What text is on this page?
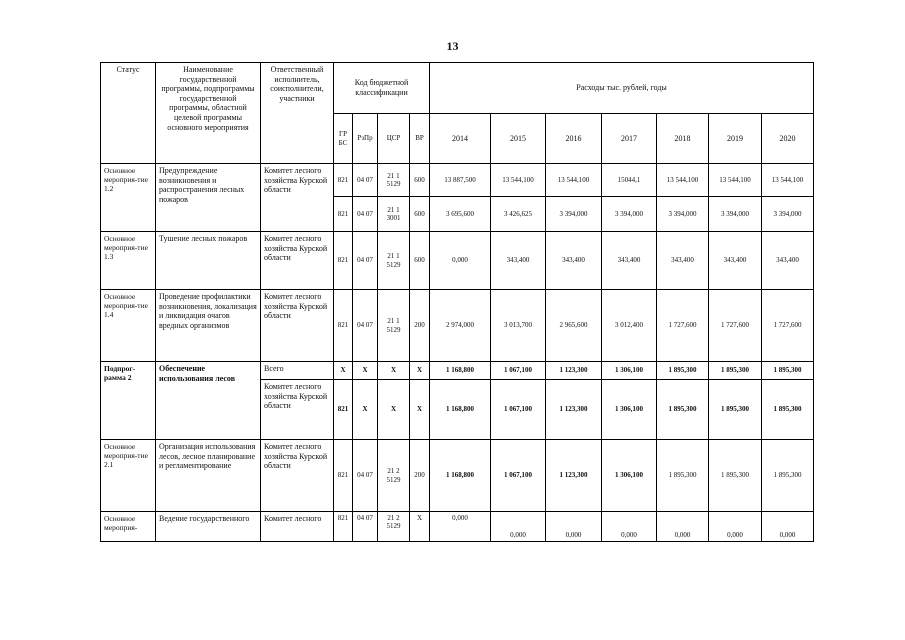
13
Статус	Наименование государственной программы, подпрограммы государственной программы, областной целевой программы основного мероприятия	Ответственный исполнитель, соисполнители, участники	Код бюджетной классификации				Расходы тыс. рублей, годы						
			ГР БС	РзПр	ЦСР	ВР	2014	2015	2016	2017	2018	2019	2020
Основное мероприя-тие 1.2	Предупреждение возникновения и распространения лесных пожаров	Комитет лесного хозяйства Курской области	821	04 07	21 1 5129	600	13 887,500	13 544,100	13 544,100	15044,1	13 544,100	13 544,100	13 544,100
			821	04 07	21 1 3001	600	3 695,600	3 426,625	3 394,000	3 394,000	3 394,000	3 394,000	3 394,000
Основное мероприя-тие 1.3	Тушение лесных пожаров	Комитет лесного хозяйства Курской области	821	04 07	21 1 5129	600	0,000	343,400	343,400	343,400	343,400	343,400	343,400
Основное мероприя-тие 1.4	Проведение профилактики возникновения, локализация и ликвидация очагов вредных организмов	Комитет лесного хозяйства Курской области	821	04 07	21 1 5129	200	2 974,000	3 013,700	2 965,600	3 012,400	1 727,600	1 727,600	1 727,600
Подпрог-рамма 2	Обеспечение использования лесов	Всего	Х	Х	Х	Х	1 168,800	1 067,100	1 123,300	1 306,100	1 895,300	1 895,300	1 895,300
		Комитет лесного хозяйства Курской области	821	Х	Х	Х	1 168,800	1 067,100	1 123,300	1 306,100	1 895,300	1 895,300	1 895,300
Основное мероприя-тие 2.1	Организация использования лесов, лесное планирование и регламентирование	Комитет лесного хозяйства Курской области	821	04 07	21 2 5129	200	1 168,800	1 067,100	1 123,300	1 306,100	1 895,300	1 895,300	1 895,300
Основное мероприя-	Ведение государственного	Комитет лесного	821	04 07	21 2 5129	Х	0,000	0,000	0,000	0,000	0,000	0,000	0,000
